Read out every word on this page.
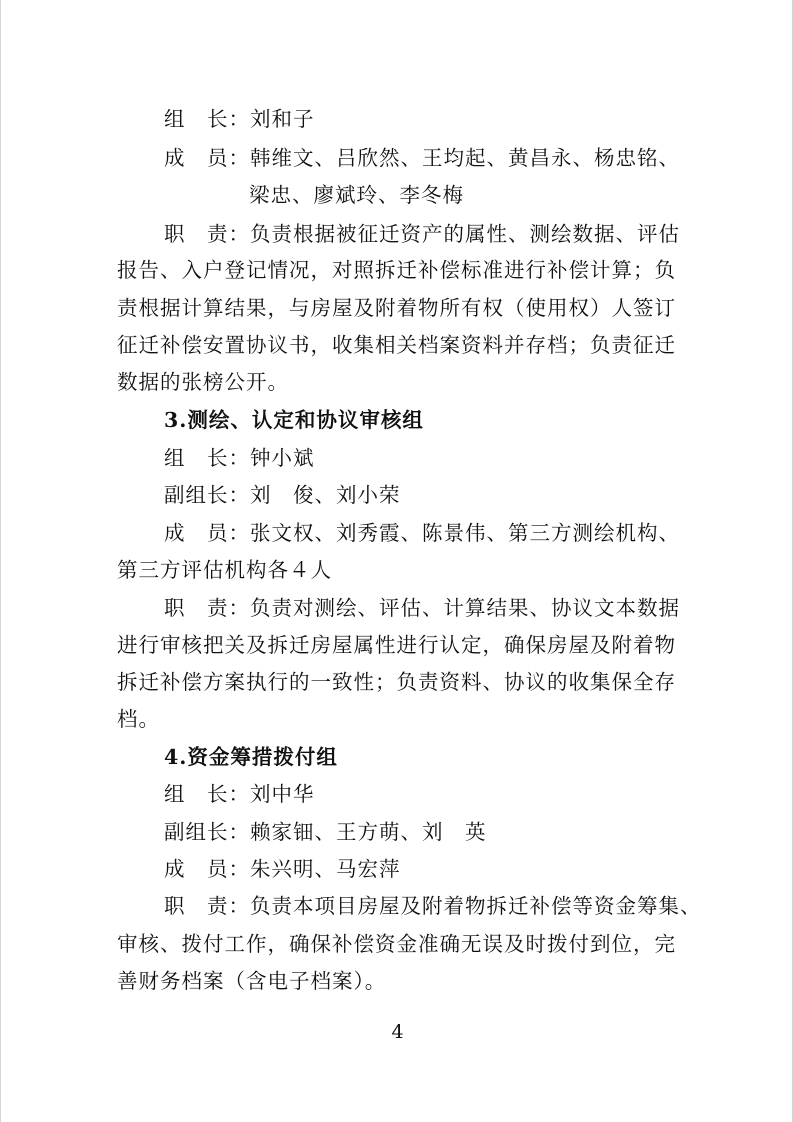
组　长：刘和子
成　员：韩维文、吕欣然、王均起、黄昌永、杨忠铭、
梁忠、廖斌玲、李冬梅
职　责：负责根据被征迁资产的属性、测绘数据、评估
报告、入户登记情况，对照拆迁补偿标准进行补偿计算；负
责根据计算结果，与房屋及附着物所有权（使用权）人签订
征迁补偿安置协议书，收集相关档案资料并存档；负责征迁
数据的张榜公开。
3.测绘、认定和协议审核组
组　长：钟小斌
副组长：刘　俊、刘小荣
成　员：张文权、刘秀霞、陈景伟、第三方测绘机构、
第三方评估机构各４人
职　责：负责对测绘、评估、计算结果、协议文本数据
进行审核把关及拆迁房屋属性进行认定，确保房屋及附着物
拆迁补偿方案执行的一致性；负责资料、协议的收集保全存
档。
4.资金筹措拨付组
组　长：刘中华
副组长：赖家钿、王方萌、刘　英
成　员：朱兴明、马宏萍
职　责：负责本项目房屋及附着物拆迁补偿等资金筹集、
审核、拨付工作，确保补偿资金准确无误及时拨付到位，完
善财务档案（含电子档案）。
4
